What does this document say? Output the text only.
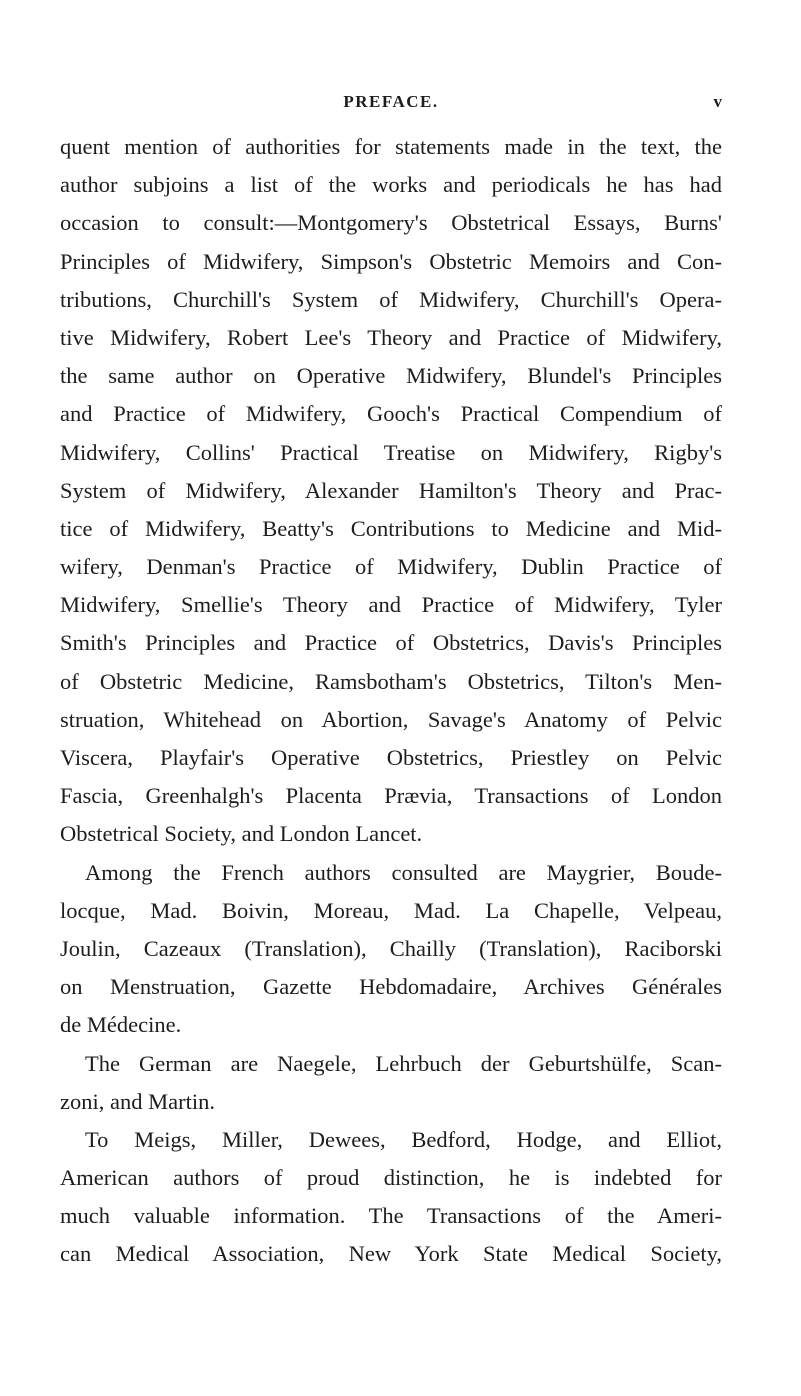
PREFACE.	v
quent mention of authorities for statements made in the text, the
author subjoins a list of the works and periodicals he has had
occasion to consult:—Montgomery's Obstetrical Essays, Burns'
Principles of Midwifery, Simpson's Obstetric Memoirs and Con-
tributions, Churchill's System of Midwifery, Churchill's Opera-
tive Midwifery, Robert Lee's Theory and Practice of Midwifery,
the same author on Operative Midwifery, Blundel's Principles
and Practice of Midwifery, Gooch's Practical Compendium of
Midwifery, Collins' Practical Treatise on Midwifery, Rigby's
System of Midwifery, Alexander Hamilton's Theory and Prac-
tice of Midwifery, Beatty's Contributions to Medicine and Mid-
wifery, Denman's Practice of Midwifery, Dublin Practice of
Midwifery, Smellie's Theory and Practice of Midwifery, Tyler
Smith's Principles and Practice of Obstetrics, Davis's Principles
of Obstetric Medicine, Ramsbotham's Obstetrics, Tilton's Men-
struation, Whitehead on Abortion, Savage's Anatomy of Pelvic
Viscera, Playfair's Operative Obstetrics, Priestley on Pelvic
Fascia, Greenhalgh's Placenta Prævia, Transactions of London
Obstetrical Society, and London Lancet.
Among the French authors consulted are Maygrier, Boude-
locque, Mad. Boivin, Moreau, Mad. La Chapelle, Velpeau,
Joulin, Cazeaux (Translation), Chailly (Translation), Raciborski
on Menstruation, Gazette Hebdomadaire, Archives Générales
de Médecine.
The German are Naegele, Lehrbuch der Geburtshülfe, Scan-
zoni, and Martin.
To Meigs, Miller, Dewees, Bedford, Hodge, and Elliot,
American authors of proud distinction, he is indebted for
much valuable information. The Transactions of the Ameri-
can Medical Association, New York State Medical Society,
